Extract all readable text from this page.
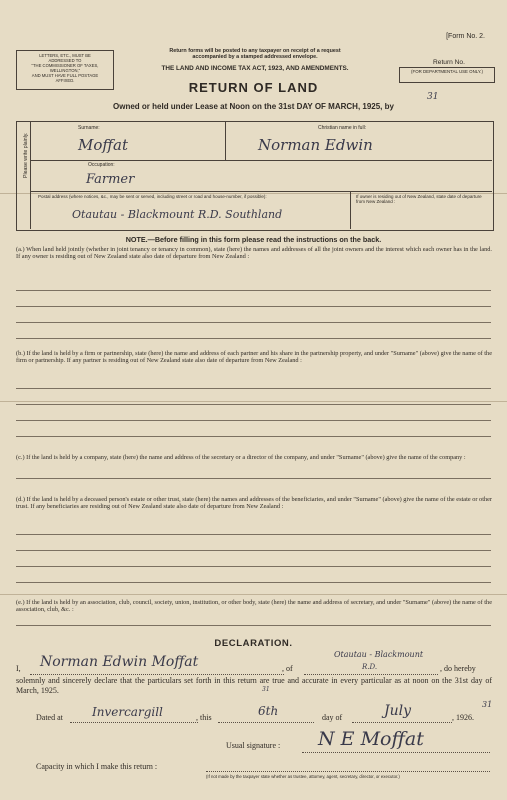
[Form No. 2.
LETTERS, ETC., MUST BE
ADDRESSED TO
"THE COMMISSIONER OF TAXES,
WELLINGTON,"
AND MUST HAVE FULL POSTAGE
AFFIXED.
Return forms will be posted to any taxpayer on receipt of a request
accompanied by a stamped addressed envelope.
THE LAND AND INCOME TAX ACT, 1923, AND AMENDMENTS.
Return No.
(FOR DEPARTMENTAL USE ONLY.)
RETURN OF LAND
Owned or held under Lease at Noon on the 31st DAY OF MARCH, 1925, by
31
Please write plainly.
Surname:
Moffat
Christian name in full:
Norman Edwin
Occupation:
Farmer
Postal address (where notices, &c., may be sent or served, including street or road and house-number, if possible):
Otautau - Blackmount R.D. Southland
If owner is residing out of New Zealand, state date of departure from New Zealand :
NOTE.—Before filling in this form please read the instructions on the back.
(a.) When land held jointly (whether in joint tenancy or tenancy in common), state (here) the names and addresses of all the joint owners and the interest which each owner has in the land. If any owner is residing out of New Zealand state also date of departure from New Zealand :
(b.) If the land is held by a firm or partnership, state (here) the name and address of each partner and his share in the partnership property, and under "Surname" (above) give the name of the firm or partnership. If any partner is residing out of New Zealand state also date of departure from New Zealand :
(c.) If the land is held by a company, state (here) the name and address of the secretary or a director of the company, and under "Surname" (above) give the name of the company :
(d.) If the land is held by a deceased person's estate or other trust, state (here) the names and addresses of the beneficiaries, and under "Surname" (above) give the name of the estate or other trust. If any beneficiaries are residing out of New Zealand state also date of departure from New Zealand :
(e.) If the land is held by an association, club, council, society, union, institution, or other body, state (here) the name and address of secretary, and under "Surname" (above) the name of the association, club, &c. :
DECLARATION.
I, Norman Edwin Moffat	, of
Otautau - Blackmount
R.D.	, do hereby
solemnly and sincerely declare that the particulars set forth in this return are true and accurate in every particular as at noon on the 31st day of March, 1925.	31
Dated at Invercargill	, this	6th	day of	July	, 1926.
31
Usual signature : N E Moffat
Capacity in which I make this return :
(If not made by the taxpayer state whether as trustee, attorney, agent, secretary, director, or executor.)
